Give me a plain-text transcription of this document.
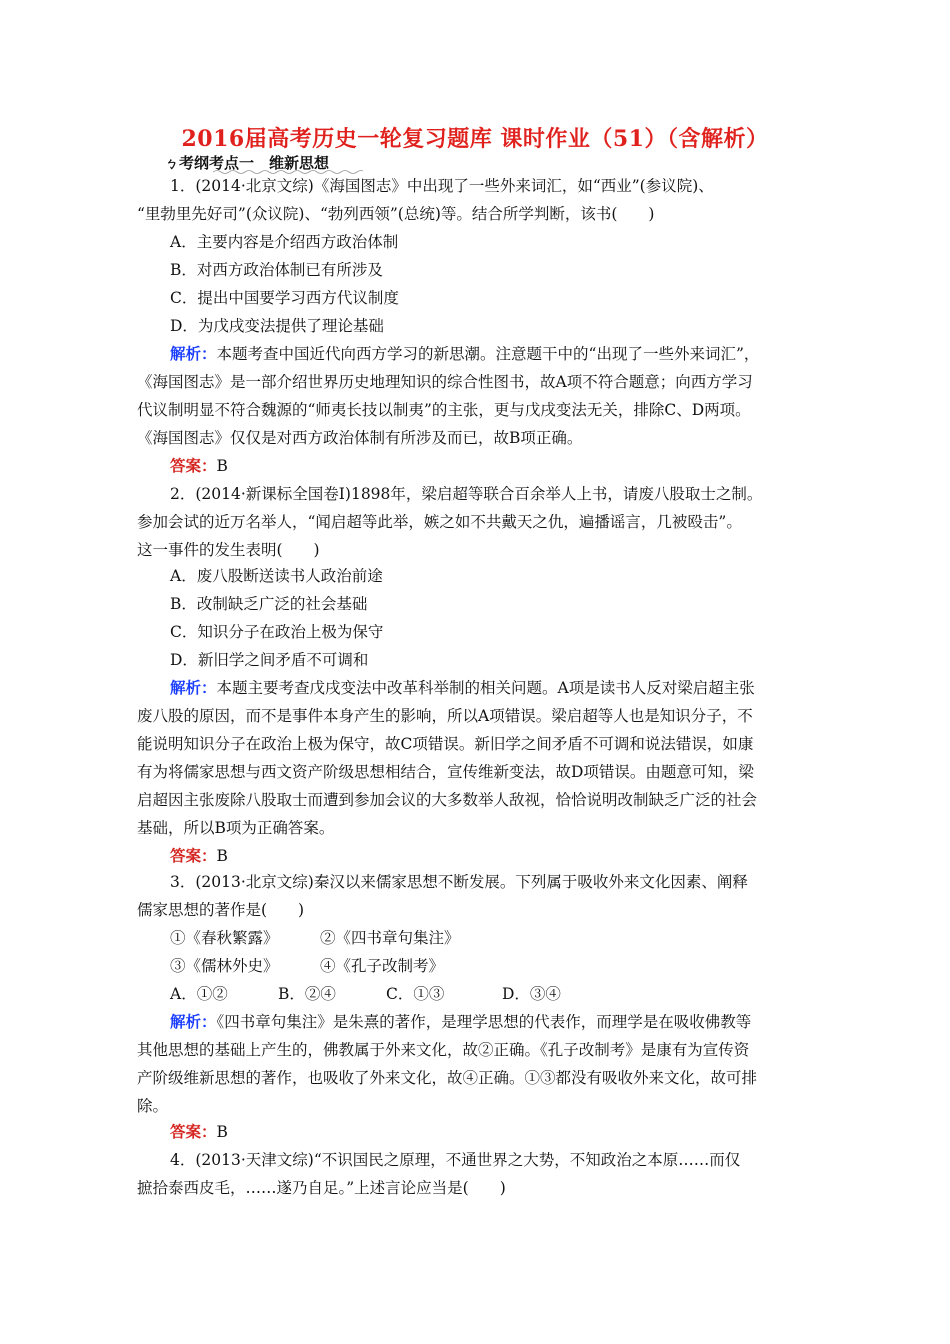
2016届高考历史一轮复习题库 课时作业（51）（含解析）
ㄅ考纲考点一　维新思想
1．(2014·北京文综)《海国图志》中出现了一些外来词汇，如“西业”(参议院)、
“里勃里先好司”(众议院)、“勃列西领”(总统)等。结合所学判断，该书(　　)
A．主要内容是介绍西方政治体制
B．对西方政治体制已有所涉及
C．提出中国要学习西方代议制度
D．为戊戌变法提供了理论基础
解析：本题考查中国近代向西方学习的新思潮。注意题干中的“出现了一些外来词汇”，
《海国图志》是一部介绍世界历史地理知识的综合性图书，故A项不符合题意；向西方学习
代议制明显不符合魏源的“师夷长技以制夷”的主张，更与戊戌变法无关，排除C、D两项。
《海国图志》仅仅是对西方政治体制有所涉及而已，故B项正确。
答案：B
2．(2014·新课标全国卷Ⅰ)1898年，梁启超等联合百余举人上书，请废八股取士之制。
参加会试的近万名举人，“闻启超等此举，嫉之如不共戴天之仇，遍播谣言，几被殴击”。
这一事件的发生表明(　　)
A．废八股断送读书人政治前途
B．改制缺乏广泛的社会基础
C．知识分子在政治上极为保守
D．新旧学之间矛盾不可调和
解析：本题主要考查戊戌变法中改革科举制的相关问题。A项是读书人反对梁启超主张
废八股的原因，而不是事件本身产生的影响，所以A项错误。梁启超等人也是知识分子，不
能说明知识分子在政治上极为保守，故C项错误。新旧学之间矛盾不可调和说法错误，如康
有为将儒家思想与西文资产阶级思想相结合，宣传维新变法，故D项错误。由题意可知，梁
启超因主张废除八股取士而遭到参加会议的大多数举人敌视，恰恰说明改制缺乏广泛的社会
基础，所以B项为正确答案。
答案：B
3．(2013·北京文综)秦汉以来儒家思想不断发展。下列属于吸收外来文化因素、阐释
儒家思想的著作是(　　)
①《春秋繁露》	②《四书章句集注》
③《儒林外史》	④《孔子改制考》
A．①②	B．②④	C．①③	D．③④
解析：《四书章句集注》是朱熹的著作，是理学思想的代表作，而理学是在吸收佛教等
其他思想的基础上产生的，佛教属于外来文化，故②正确。《孔子改制考》是康有为宣传资
产阶级维新思想的著作，也吸收了外来文化，故④正确。①③都没有吸收外来文化，故可排
除。
答案：B
4．(2013·天津文综)“不识国民之原理，不通世界之大势，不知政治之本原……而仅
摭拾泰西皮毛，……遂乃自足。”上述言论应当是(　　)
